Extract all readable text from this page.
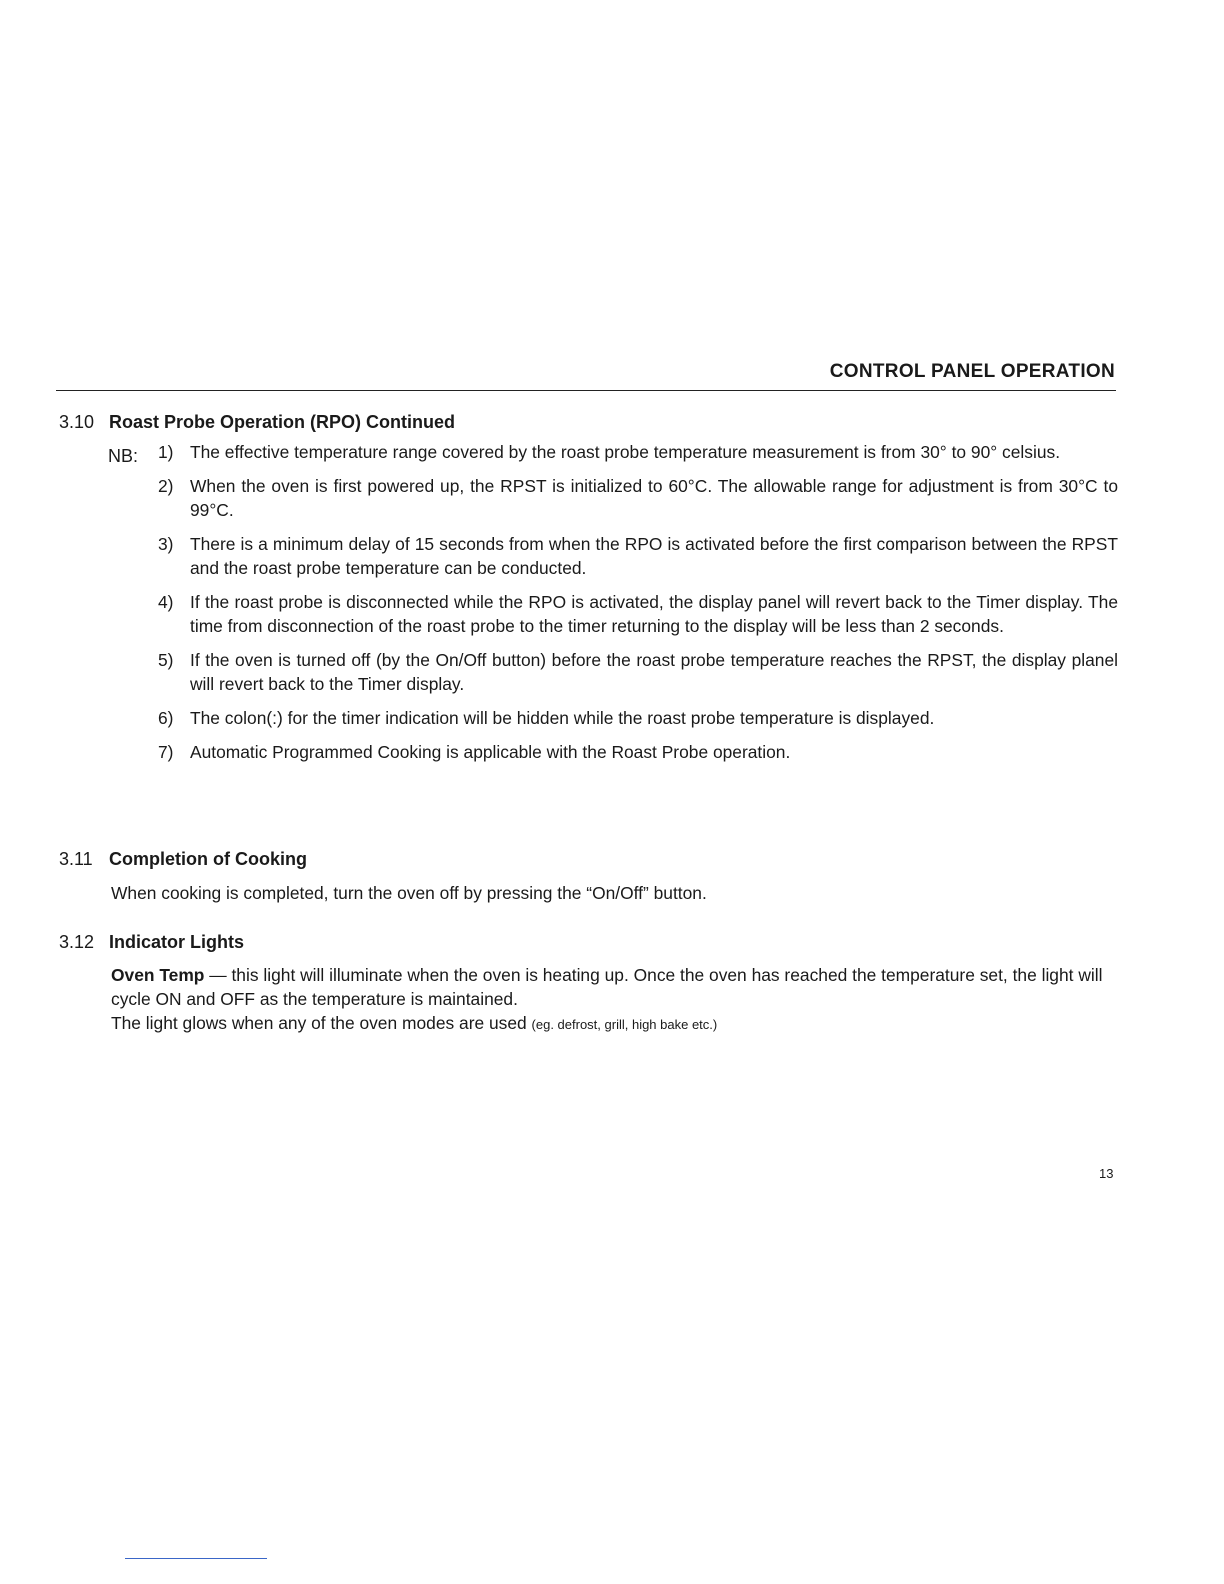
CONTROL PANEL OPERATION
3.10 Roast Probe Operation (RPO) Continued
NB: 1) The effective temperature range covered by the roast probe temperature measurement is from 30° to 90° celsius.
2) When the oven is first powered up, the RPST is initialized to 60°C. The allowable range for adjustment is from 30°C to 99°C.
3) There is a minimum delay of 15 seconds from when the RPO is activated before the first comparison between the RPST and the roast probe temperature can be conducted.
4) If the roast probe is disconnected while the RPO is activated, the display panel will revert back to the Timer display. The time from disconnection of the roast probe to the timer returning to the display will be less than 2 seconds.
5) If the oven is turned off (by the On/Off button) before the roast probe temperature reaches the RPST, the display planel will revert back to the Timer display.
6) The colon(:) for the timer indication will be hidden while the roast probe temperature is displayed.
7) Automatic Programmed Cooking is applicable with the Roast Probe operation.
3.11 Completion of Cooking
When cooking is completed, turn the oven off by pressing the “On/Off” button.
3.12 Indicator Lights
Oven Temp — this light will illuminate when the oven is heating up. Once the oven has reached the temperature set, the light will cycle ON and OFF as the temperature is maintained.
The light glows when any of the oven modes are used (eg. defrost, grill, high bake etc.)
13
